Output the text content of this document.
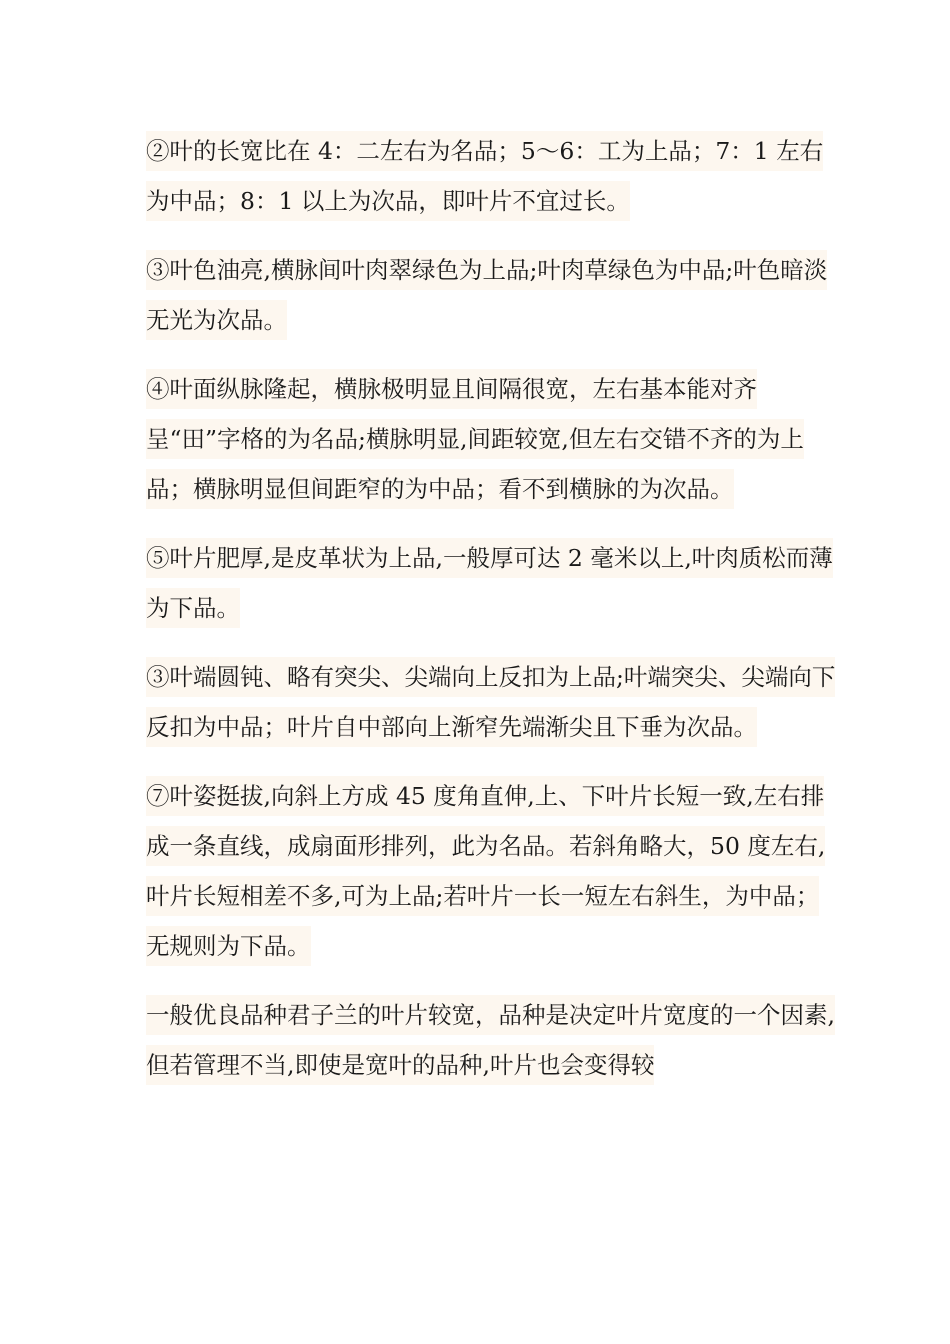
②叶的长宽比在 4：二左右为名品；5～6：工为上品；7：1 左右为中品；8：1 以上为次品，即叶片不宜过长。

③叶色油亮,横脉间叶肉翠绿色为上品;叶肉草绿色为中品;叶色暗淡无光为次品。

④叶面纵脉隆起，横脉极明显且间隔很宽，左右基本能对齐呈“田”字格的为名品;横脉明显,间距较宽,但左右交错不齐的为上品；横脉明显但间距窄的为中品；看不到横脉的为次品。

⑤叶片肥厚,是皮革状为上品,一般厚可达 2 毫米以上,叶肉质松而薄为下品。

③叶端圆钝、略有突尖、尖端向上反扣为上品;叶端突尖、尖端向下反扣为中品；叶片自中部向上渐窄先端渐尖且下垂为次品。

⑦叶姿挺拔,向斜上方成 45 度角直伸,上、下叶片长短一致,左右排成一条直线，成扇面形排列，此为名品。若斜角略大，50 度左右,叶片长短相差不多,可为上品;若叶片一长一短左右斜生，为中品；无规则为下品。

一般优良品种君子兰的叶片较宽，品种是决定叶片宽度的一个因素,但若管理不当,即使是宽叶的品种,叶片也会变得较
